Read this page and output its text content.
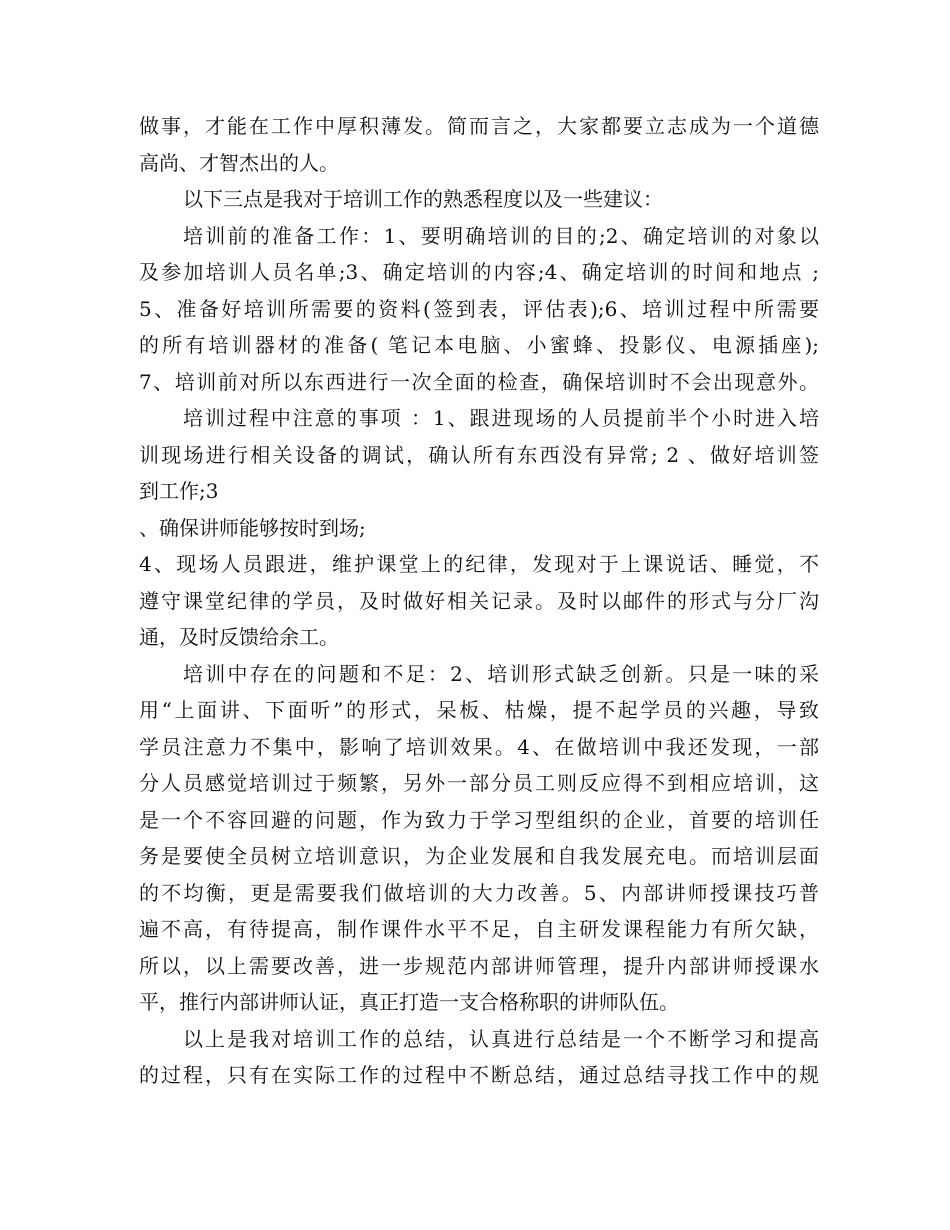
做事，才能在工作中厚积薄发。简而言之，大家都要立志成为一个道德
高尚、才智杰出的人。
以下三点是我对于培训工作的熟悉程度以及一些建议：
培训前的准备工作：1、要明确培训的目的;2、确定培训的对象以
及参加培训人员名单;3、确定培训的内容;4、确定培训的时间和地点 ;
5、准备好培训所需要的资料(签到表，评估表);6、培训过程中所需要
的所有培训器材的准备( 笔记本电脑、小蜜蜂、投影仪、电源插座);
7、培训前对所以东西进行一次全面的检查，确保培训时不会出现意外。
培训过程中注意的事项 ：1、跟进现场的人员提前半个小时进入培
训现场进行相关设备的调试，确认所有东西没有异常; 2 、做好培训签
到工作;3
、确保讲师能够按时到场;
4、现场人员跟进，维护课堂上的纪律，发现对于上课说话、睡觉，不
遵守课堂纪律的学员，及时做好相关记录。及时以邮件的形式与分厂沟
通，及时反馈给余工。
培训中存在的问题和不足：2、培训形式缺乏创新。只是一味的采
用“上面讲、下面听”的形式，呆板、枯燥，提不起学员的兴趣，导致
学员注意力不集中，影响了培训效果。4、在做培训中我还发现，一部
分人员感觉培训过于频繁，另外一部分员工则反应得不到相应培训，这
是一个不容回避的问题，作为致力于学习型组织的企业，首要的培训任
务是要使全员树立培训意识，为企业发展和自我发展充电。而培训层面
的不均衡，更是需要我们做培训的大力改善。5、内部讲师授课技巧普
遍不高，有待提高，制作课件水平不足，自主研发课程能力有所欠缺，
所以，以上需要改善，进一步规范内部讲师管理，提升内部讲师授课水
平，推行内部讲师认证，真正打造一支合格称职的讲师队伍。
以上是我对培训工作的总结，认真进行总结是一个不断学习和提高
的过程，只有在实际工作的过程中不断总结，通过总结寻找工作中的规
